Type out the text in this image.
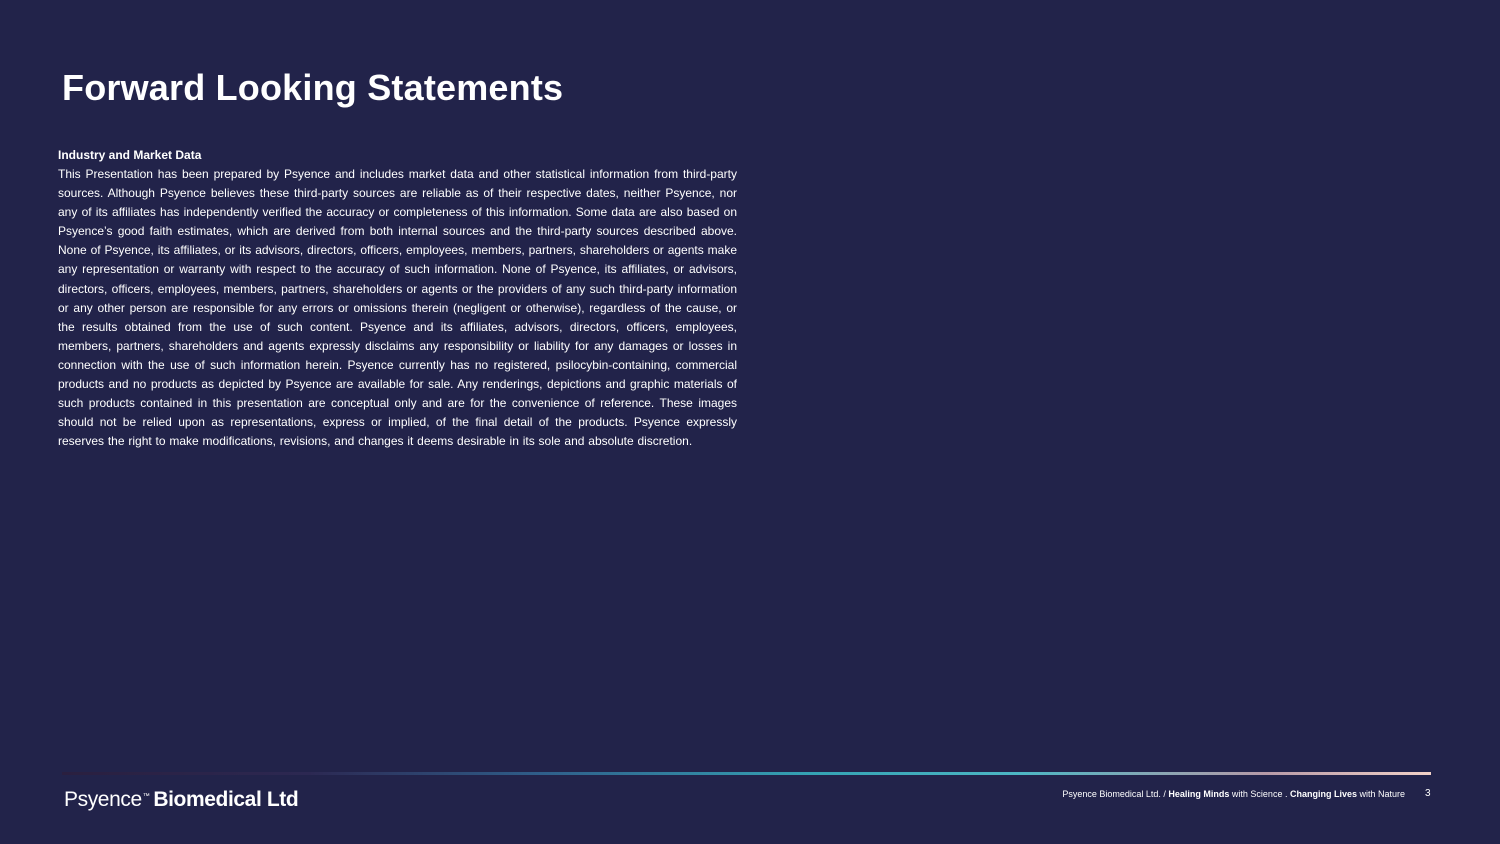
Forward Looking Statements

Industry and Market Data

This Presentation has been prepared by Psyence and includes market data and other statistical information from third-party sources. Although Psyence believes these third-party sources are reliable as of their respective dates, neither Psyence, nor any of its affiliates has independently verified the accuracy or completeness of this information. Some data are also based on Psyence’s good faith estimates, which are derived from both internal sources and the third-party sources described above. None of Psyence, its affiliates, or its advisors, directors, officers, employees, members, partners, shareholders or agents make any representation or warranty with respect to the accuracy of such information. None of Psyence, its affiliates, or advisors, directors, officers, employees, members, partners, shareholders or agents or the providers of any such third-party information or any other person are responsible for any errors or omissions therein (negligent or otherwise), regardless of the cause, or the results obtained from the use of such content. Psyence and its affiliates, advisors, directors, officers, employees, members, partners, shareholders and agents expressly disclaims any responsibility or liability for any damages or losses in connection with the use of such information herein. Psyence currently has no registered, psilocybin-containing, commercial products and no products as depicted by Psyence are available for sale. Any renderings, depictions and graphic materials of such products contained in this presentation are conceptual only and are for the convenience of reference. These images should not be relied upon as representations, express or implied, of the final detail of the products. Psyence expressly reserves the right to make modifications, revisions, and changes it deems desirable in its sole and absolute discretion.

Psyence™ Biomedical Ltd	Psyence Biomedical Ltd. / Healing Minds with Science . Changing Lives with Nature 3
